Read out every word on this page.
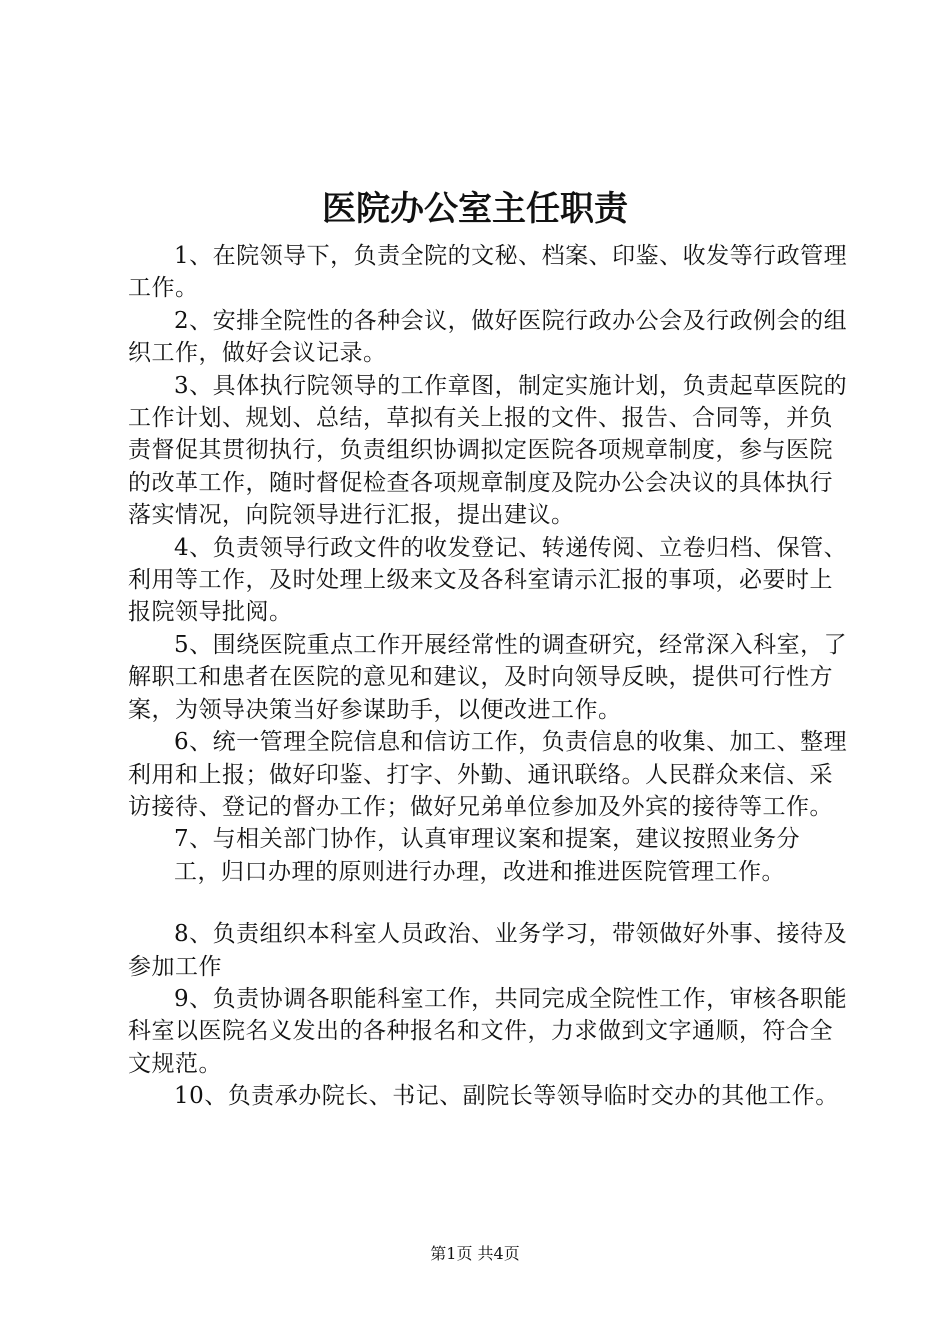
医院办公室主任职责

1、在院领导下，负责全院的文秘、档案、印鉴、收发等行政管理工作。

2、安排全院性的各种会议，做好医院行政办公会及行政例会的组织工作，做好会议记录。

3、具体执行院领导的工作章图，制定实施计划，负责起草医院的工作计划、规划、总结，草拟有关上报的文件、报告、合同等，并负责督促其贯彻执行，负责组织协调拟定医院各项规章制度，参与医院的改革工作，随时督促检查各项规章制度及院办公会决议的具体执行落实情况，向院领导进行汇报，提出建议。

4、负责领导行政文件的收发登记、转递传阅、立卷归档、保管、利用等工作，及时处理上级来文及各科室请示汇报的事项，必要时上报院领导批阅。

5、围绕医院重点工作开展经常性的调查研究，经常深入科室，了解职工和患者在医院的意见和建议，及时向领导反映，提供可行性方案，为领导决策当好参谋助手，以便改进工作。

6、统一管理全院信息和信访工作，负责信息的收集、加工、整理利用和上报；做好印鉴、打字、外勤、通讯联络。人民群众来信、采访接待、登记的督办工作；做好兄弟单位参加及外宾的接待等工作。

7、与相关部门协作，认真审理议案和提案，建议按照业务分

工，归口办理的原则进行办理，改进和推进医院管理工作。

8、负责组织本科室人员政治、业务学习，带领做好外事、接待及参加工作

9、负责协调各职能科室工作，共同完成全院性工作，审核各职能科室以医院名义发出的各种报名和文件，力求做到文字通顺，符合全文规范。

10、负责承办院长、书记、副院长等领导临时交办的其他工作。

第1页 共4页
